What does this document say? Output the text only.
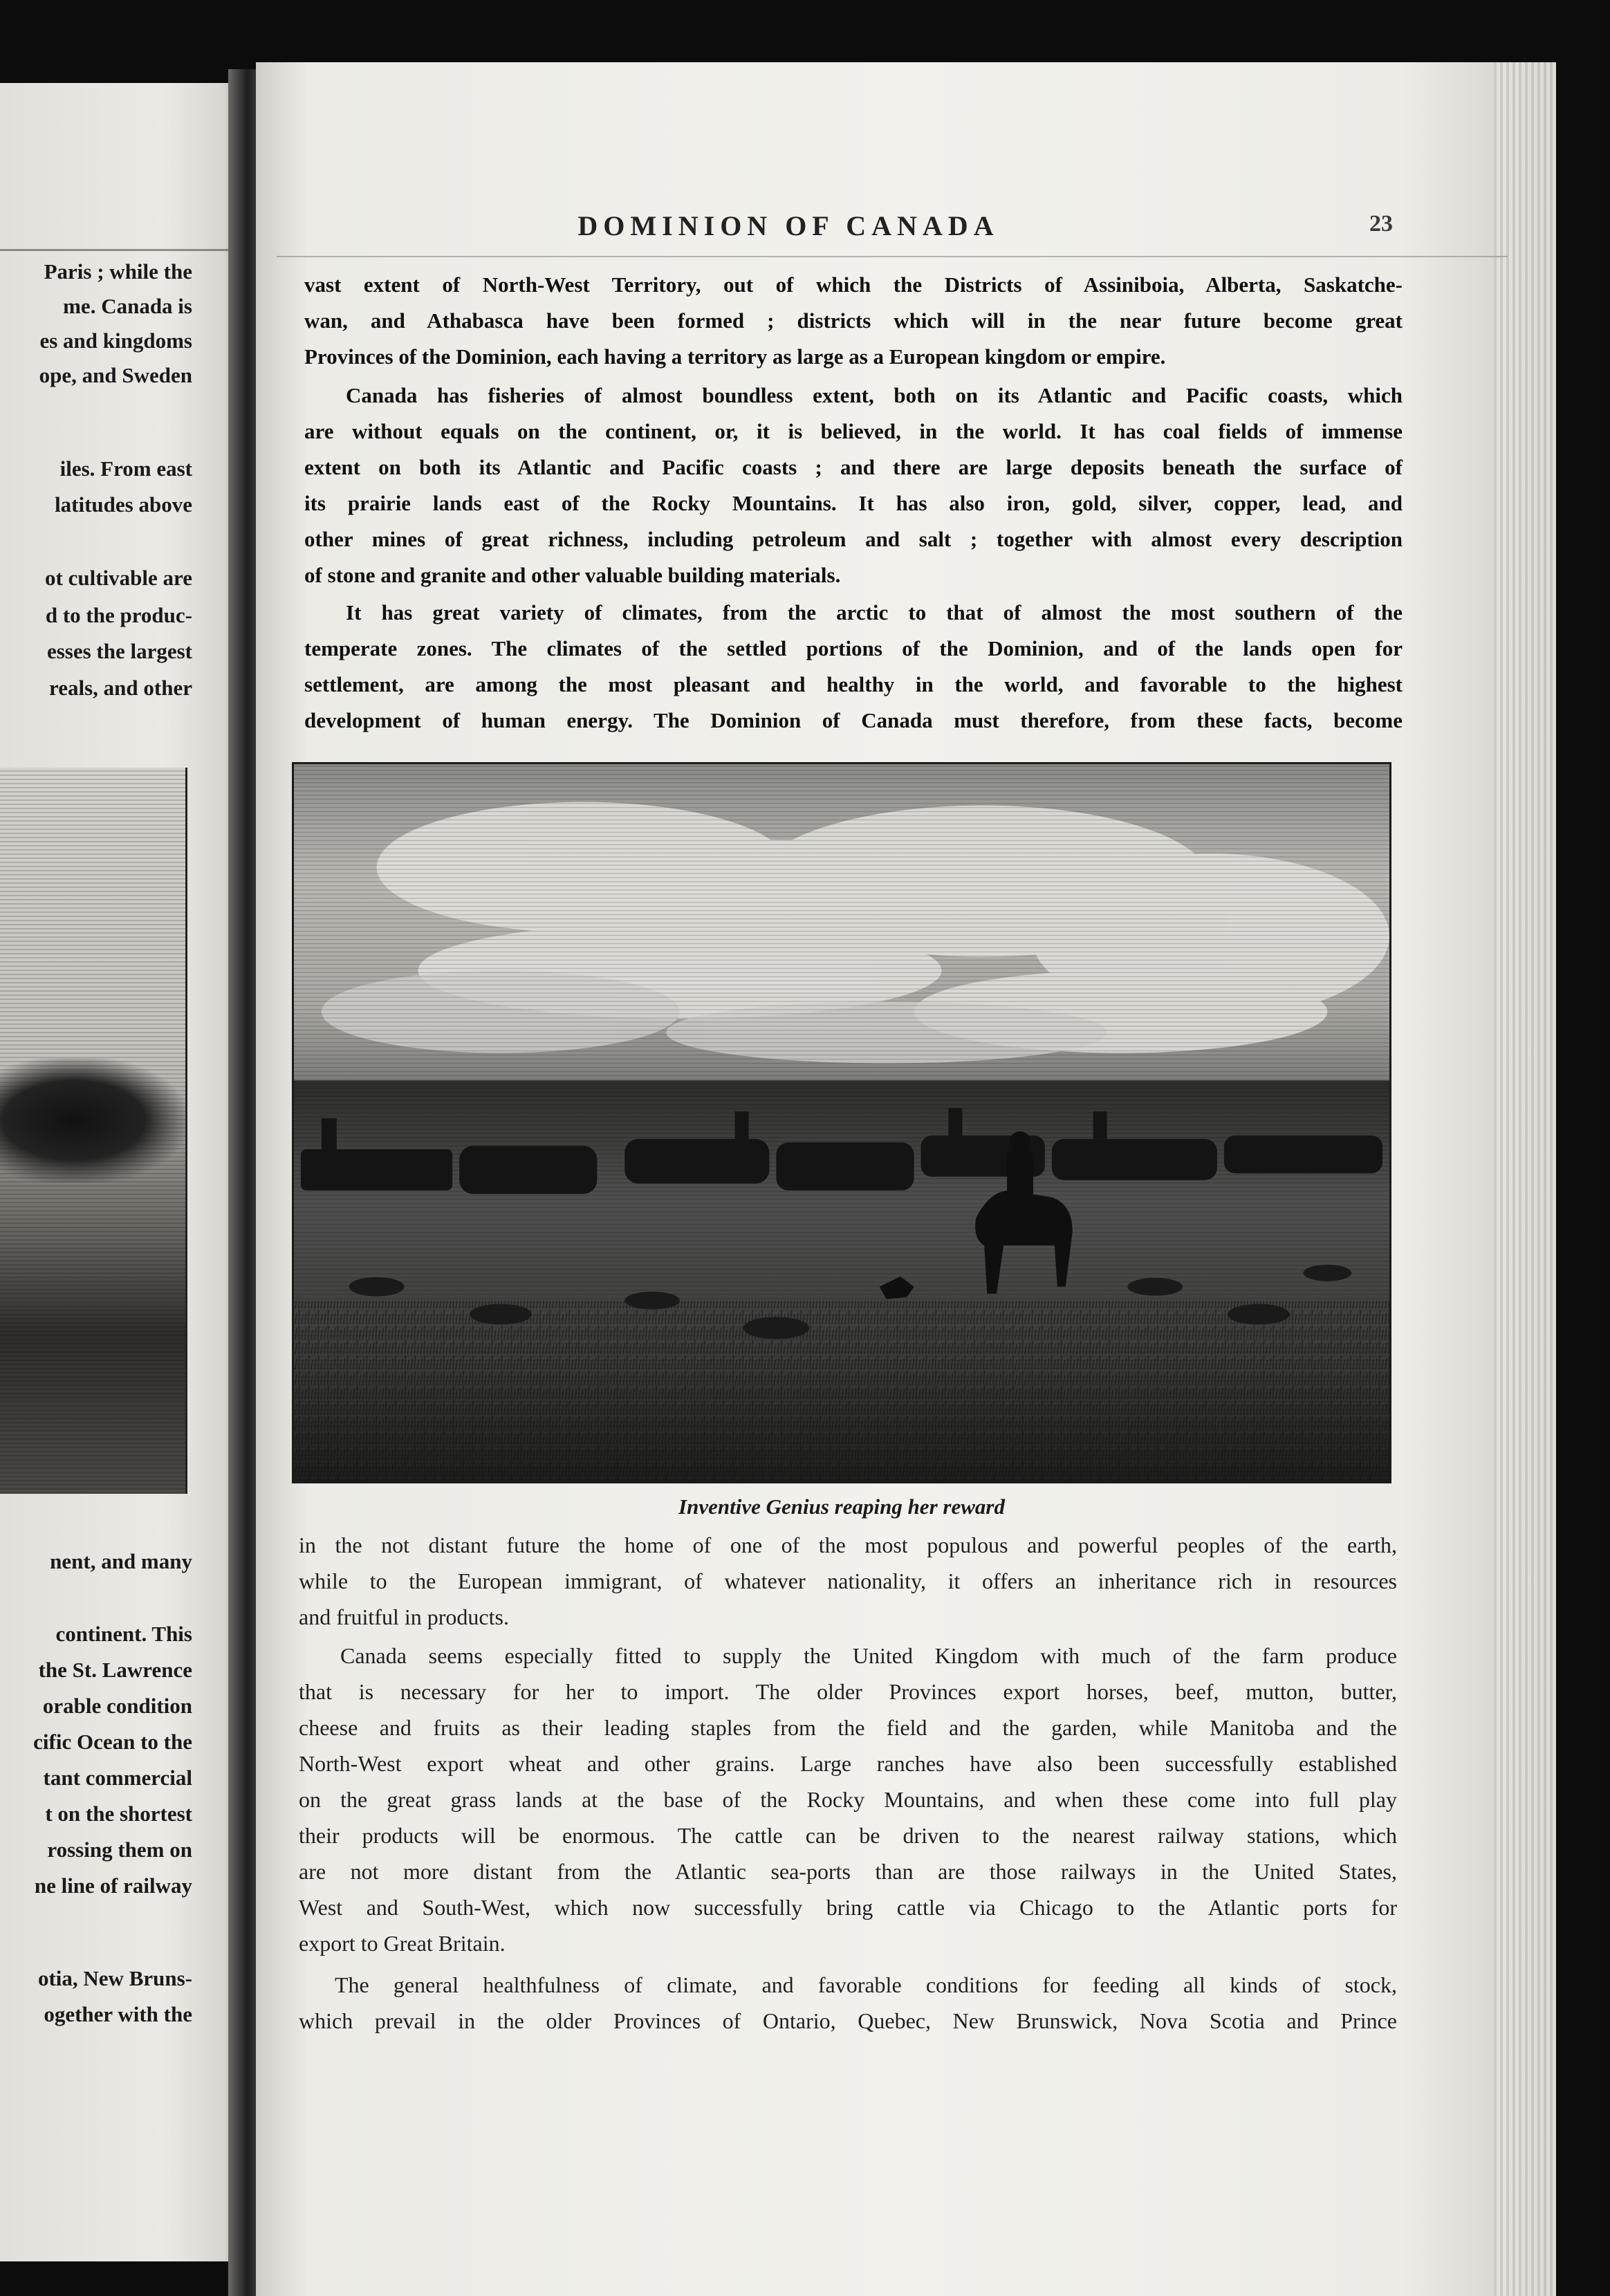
Paris ; while the
me. Canada is
es and kingdoms
ope, and Sweden
iles. From east
latitudes above
ot cultivable are
d to the produc-
esses the largest
reals, and other
nent, and many
continent. This
the St. Lawrence
orable condition
cific Ocean to the
tant commercial
t on the shortest
rossing them on
ne line of railway
otia, New Bruns-
ogether with the
DOMINION OF CANADA	23
vast extent of North-West Territory, out of which the Districts of Assiniboia, Alberta, Saskatche-
wan, and Athabasca have been formed ; districts which will in the near future become great
Provinces of the Dominion, each having a territory as large as a European kingdom or empire.
Canada has fisheries of almost boundless extent, both on its Atlantic and Pacific coasts, which
are without equals on the continent, or, it is believed, in the world. It has coal fields of immense
extent on both its Atlantic and Pacific coasts ; and there are large deposits beneath the surface of
its prairie lands east of the Rocky Mountains. It has also iron, gold, silver, copper, lead, and
other mines of great richness, including petroleum and salt ; together with almost every description
of stone and granite and other valuable building materials.
It has great variety of climates, from the arctic to that of almost the most southern of the
temperate zones. The climates of the settled portions of the Dominion, and of the lands open for
settlement, are among the most pleasant and healthy in the world, and favorable to the highest
development of human energy. The Dominion of Canada must therefore, from these facts, become
Inventive Genius reaping her reward
in the not distant future the home of one of the most populous and powerful peoples of the earth,
while to the European immigrant, of whatever nationality, it offers an inheritance rich in resources
and fruitful in products.
Canada seems especially fitted to supply the United Kingdom with much of the farm produce
that is necessary for her to import. The older Provinces export horses, beef, mutton, butter,
cheese and fruits as their leading staples from the field and the garden, while Manitoba and the
North-West export wheat and other grains. Large ranches have also been successfully established
on the great grass lands at the base of the Rocky Mountains, and when these come into full play
their products will be enormous. The cattle can be driven to the nearest railway stations, which
are not more distant from the Atlantic sea-ports than are those railways in the United States,
West and South-West, which now successfully bring cattle via Chicago to the Atlantic ports for
export to Great Britain.
The general healthfulness of climate, and favorable conditions for feeding all kinds of stock,
which prevail in the older Provinces of Ontario, Quebec, New Brunswick, Nova Scotia and Prince
